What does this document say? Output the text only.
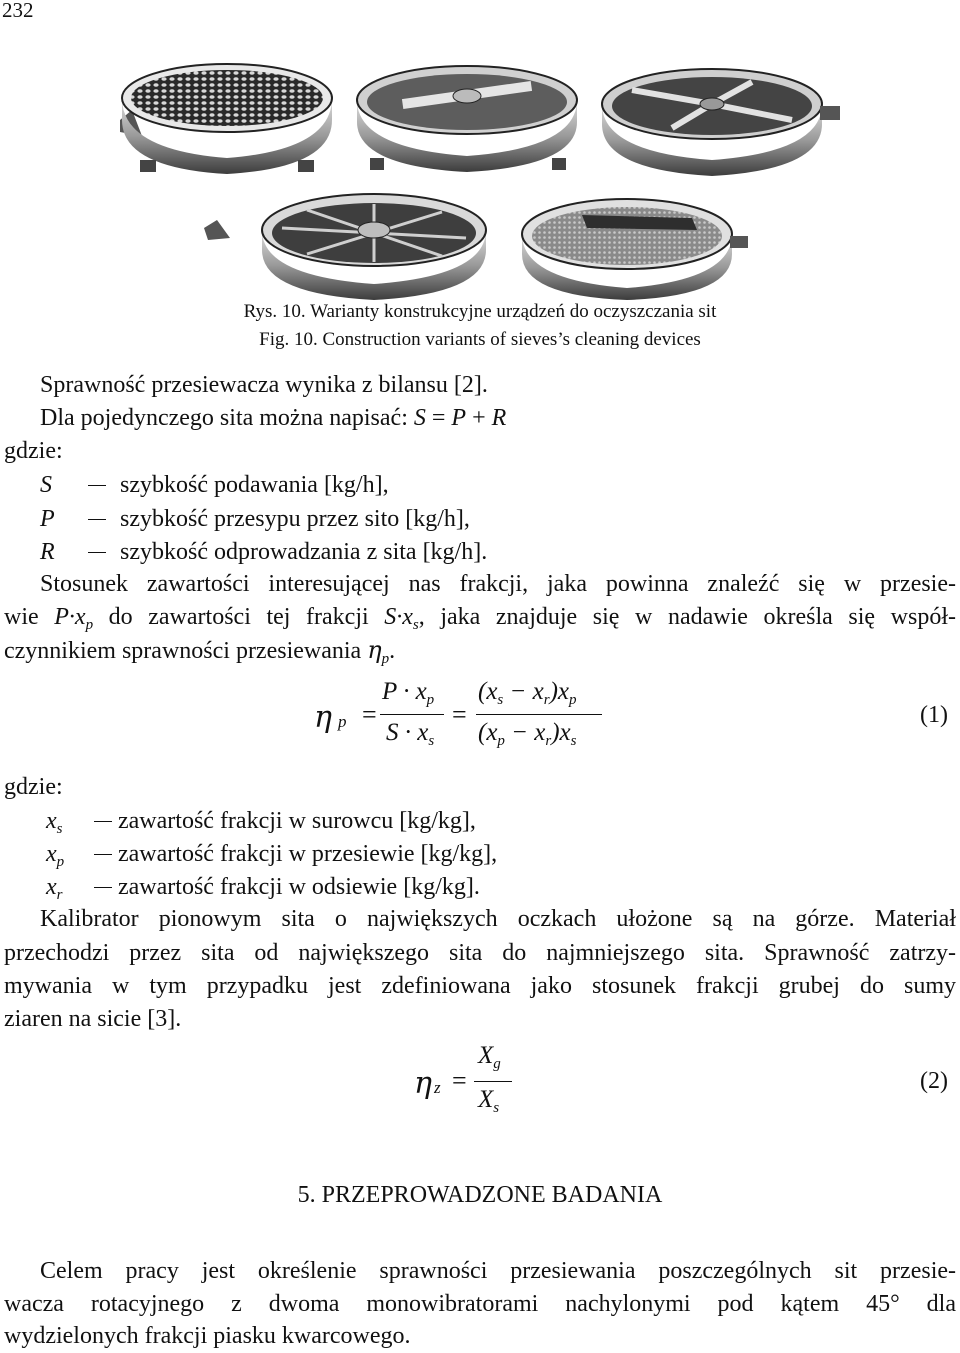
232
Rys. 10. Warianty konstrukcyjne urządzeń do oczyszczania sit
Fig. 10. Construction variants of sieves’s cleaning devices
Sprawność przesiewacza wynika z bilansu [2].
Dla pojedynczego sita można napisać: S = P + R
gdzie:
S	szybkość podawania [kg/h],
P	szybkość przesypu przez sito [kg/h],
R	szybkość odprowadzania z sita [kg/h].
Stosunek zawartości interesującej nas frakcji, jaka powinna znaleźć się w przesie-
wie $P\cdot x_p$ do zawartości tej frakcji $S\cdot x_s$, jaka znajduje się w nadawie określa się współ-
czynnikiem sprawności przesiewania $\eta_p$.
η p =
$P \cdot x_p$
$S \cdot x_s$
=
$(x_s - x_r)x_p$
$(x_p - x_r)x_s$
(1)
gdzie:
$x_s$ zawartość frakcji w surowcu [kg/kg],
$x_p$ zawartość frakcji w przesiewie [kg/kg],
$x_r$ zawartość frakcji w odsiewie [kg/kg].
Kalibrator pionowym sita o największych oczkach ułożone są na górze. Materiał
przechodzi przez sita od największego sita do najmniejszego sita. Sprawność zatrzy-
mywania w tym przypadku jest zdefiniowana jako stosunek frakcji grubej do sumy
ziaren na sicie [3].
η z =
$X_g$
$X_s$
(2)
5. PRZEPROWADZONE BADANIA
Celem pracy jest określenie sprawności przesiewania poszczególnych sit przesie-
wacza rotacyjnego z dwoma monowibratorami nachylonymi pod kątem 45° dla
wydzielonych frakcji piasku kwarcowego.
